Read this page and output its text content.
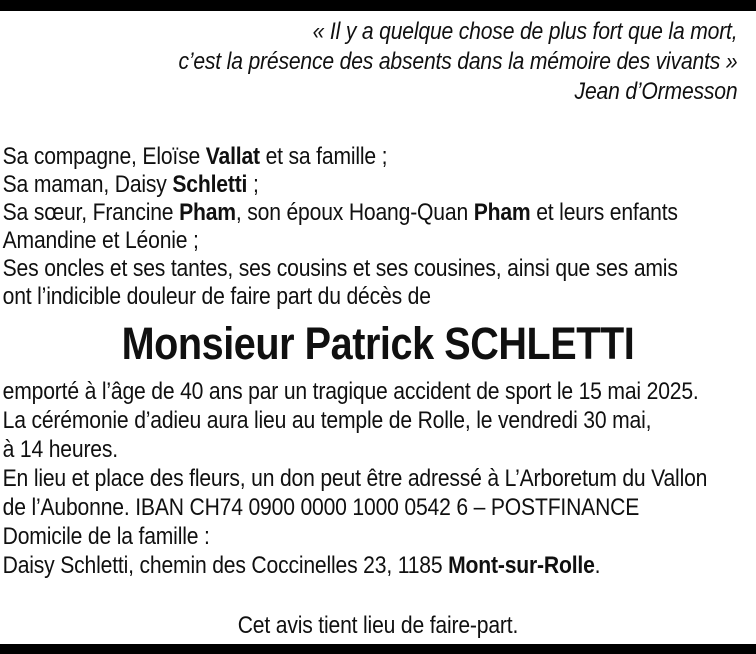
« Il y a quelque chose de plus fort que la mort,
c’est la présence des absents dans la mémoire des vivants »
Jean d’Ormesson
Sa compagne, Eloïse Vallat et sa famille ;
Sa maman, Daisy Schletti ;
Sa sœur, Francine Pham, son époux Hoang-Quan Pham et leurs enfants
Amandine et Léonie ;
Ses oncles et ses tantes, ses cousins et ses cousines, ainsi que ses amis
ont l’indicible douleur de faire part du décès de
Monsieur Patrick SCHLETTI
emporté à l’âge de 40 ans par un tragique accident de sport le 15 mai 2025.
La cérémonie d’adieu aura lieu au temple de Rolle, le vendredi 30 mai,
à 14 heures.
En lieu et place des fleurs, un don peut être adressé à L’Arboretum du Vallon
de l’Aubonne. IBAN CH74 0900 0000 1000 0542 6 – POSTFINANCE
Domicile de la famille :
Daisy Schletti, chemin des Coccinelles 23, 1185 Mont-sur-Rolle.
Cet avis tient lieu de faire-part.
